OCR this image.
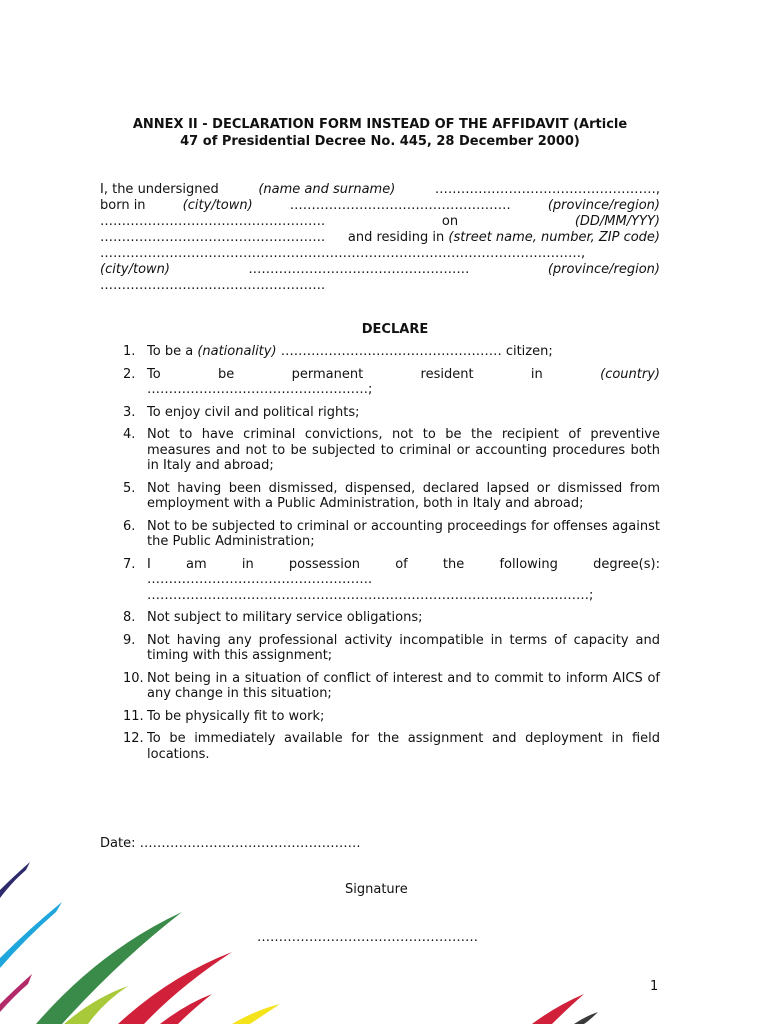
ANNEX II - DECLARATION FORM INSTEAD OF THE AFFIDAVIT (Article
47 of Presidential Decree No. 445, 28 December 2000)
I, the undersigned	(name and surname)	……………………………………………,
born in	(city/town)	……………………………………………	(province/region)
…………………………………………….	on	(DD/MM/YYY)
……………………………………………. and residing in (street name, number, ZIP code)
…………………………………………………………………………………………………,
(city/town)	……………………………………………	(province/region)
…………………………………………….
DECLARE
1. To be a (nationality) …………………………………………… citizen;
2. To	be	permanent	resident	in	(country)
……………………………………………;
3. To enjoy civil and political rights;
4. Not to have criminal convictions, not to be the recipient of preventive measures and not to be subjected to criminal or accounting procedures both in Italy and abroad;
5. Not having been dismissed, dispensed, declared lapsed or dismissed from employment with a Public Administration, both in Italy and abroad;
6. Not to be subjected to criminal or accounting proceedings for offenses against the Public Administration;
7. I	am	in	possession	of	the	following	degree(s):
…………………………………………….
…………………………………………………………………………………………;
8. Not subject to military service obligations;
9. Not having any professional activity incompatible in terms of capacity and timing with this assignment;
10. Not being in a situation of conflict of interest and to commit to inform AICS of any change in this situation;
11. To be physically fit to work;
12. To be immediately available for the assignment and deployment in field locations.
Date: ……………………………………………
Signature
……………………………………………
1
